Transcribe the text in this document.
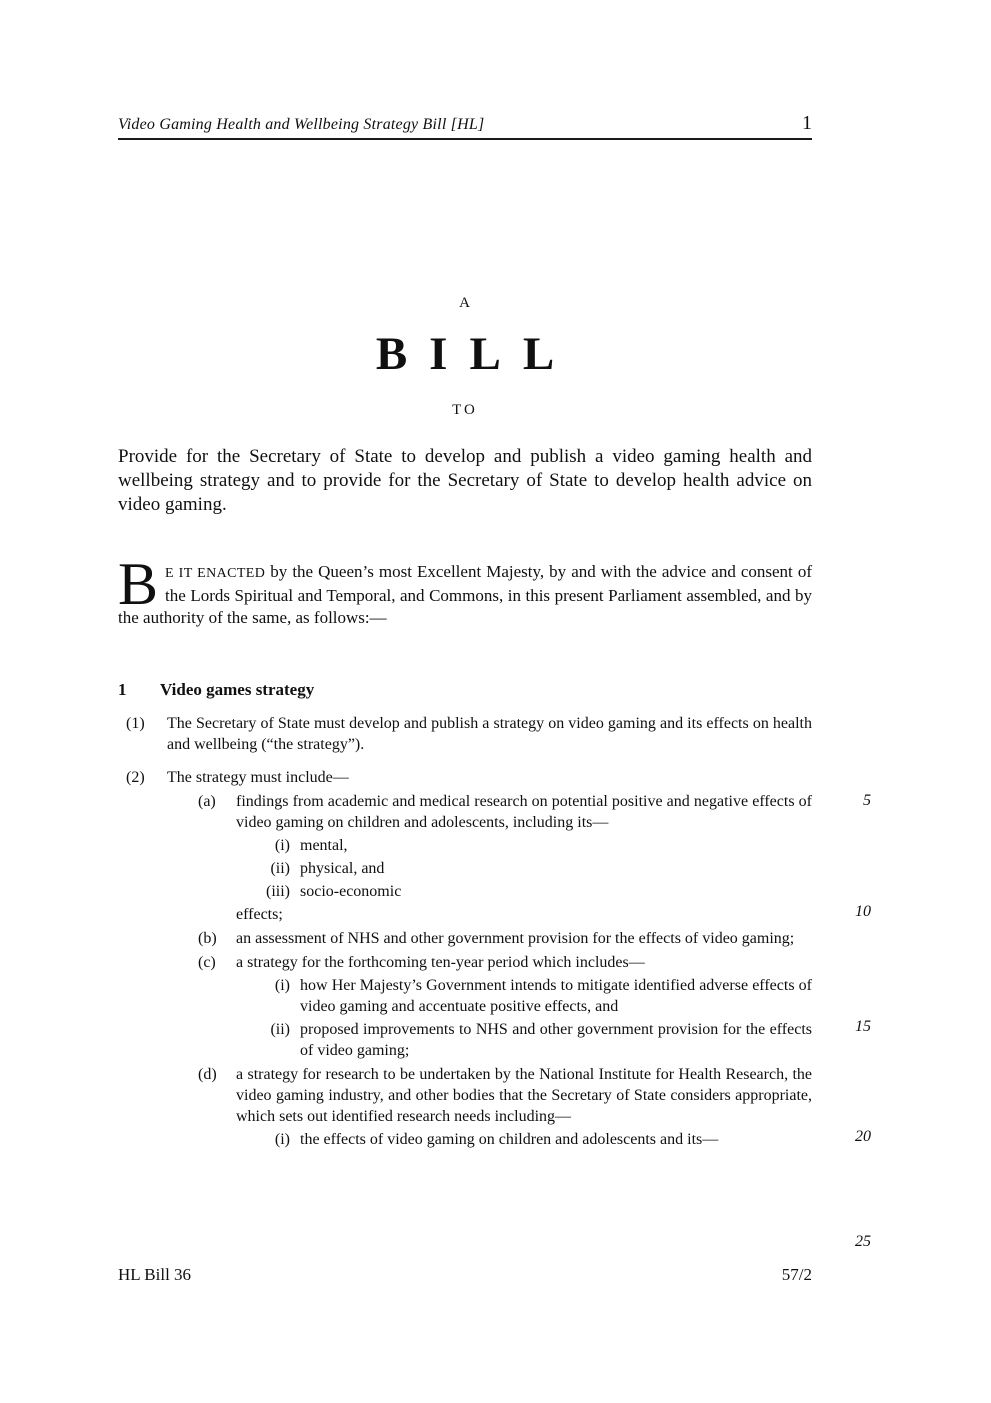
Video Gaming Health and Wellbeing Strategy Bill [HL]	1
A
BILL
TO

Provide for the Secretary of State to develop and publish a video gaming health and wellbeing strategy and to provide for the Secretary of State to develop health advice on video gaming.

B E IT ENACTED by the Queen’s most Excellent Majesty, by and with the advice and consent of the Lords Spiritual and Temporal, and Commons, in this present Parliament assembled, and by the authority of the same, as follows:—

1 Video games strategy
(1)	The Secretary of State must develop and publish a strategy on video gaming and its effects on health and wellbeing (“the strategy”).
(2)	The strategy must include—
(a)	findings from academic and medical research on potential positive and negative effects of video gaming on children and adolescents, including its—
(i) mental,
(ii) physical, and
(iii) socio-economic
effects;
(b)	an assessment of NHS and other government provision for the effects of video gaming;
(c)	a strategy for the forthcoming ten-year period which includes—
(i) how Her Majesty’s Government intends to mitigate identified adverse effects of video gaming and accentuate positive effects, and
(ii) proposed improvements to NHS and other government provision for the effects of video gaming;
(d)	a strategy for research to be undertaken by the National Institute for Health Research, the video gaming industry, and other bodies that the Secretary of State considers appropriate, which sets out identified research needs including—
(i) the effects of video gaming on children and adolescents and its—
5
10
15
20
25
HL Bill 36	57/2
